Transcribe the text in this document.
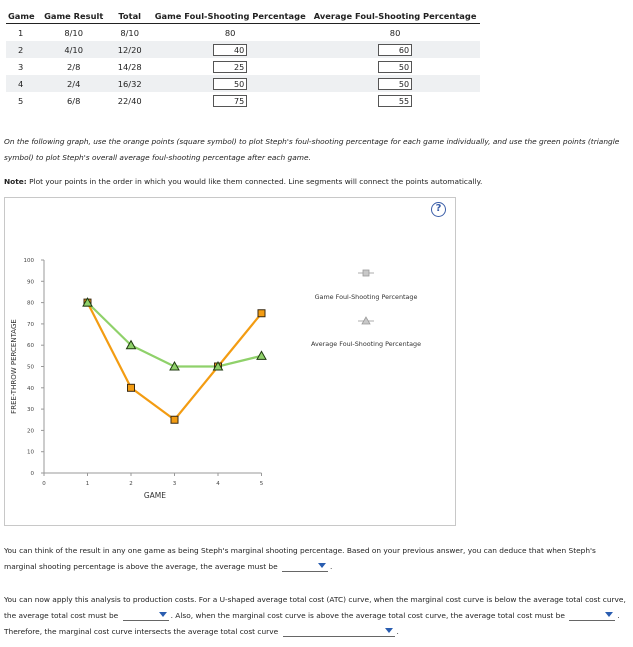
Game	Game Result	Total	Game Foul-Shooting Percentage	Average Foul-Shooting Percentage
1	8/10	8/10	80	80
2	4/10	12/20	40	60
3	2/8	14/28	25	50
4	2/4	16/32	50	50
5	6/8	22/40	75	55
On the following graph, use the orange points (square symbol) to plot Steph's foul-shooting percentage for each game individually, and use the green points (triangle symbol) to plot Steph's overall average foul-shooting percentage after each game.
Note: Plot your points in the order in which you would like them connected. Line segments will connect the points automatically.
?
0
10
20
30
40
50
60
70
80
90
100
0	1	2	3	4	5
GAME
FREE-THROW PERCENTAGE
Game Foul-Shooting Percentage
Average Foul-Shooting Percentage
You can think of the result in any one game as being Steph's marginal shooting percentage. Based on your previous answer, you can deduce that when Steph's marginal shooting percentage is above the average, the average must be	.
You can now apply this analysis to production costs. For a U-shaped average total cost (ATC) curve, when the marginal cost curve is below the average total cost curve, the average total cost must be	. Also, when the marginal cost curve is above the average total cost curve, the average total cost must be	. Therefore, the marginal cost curve intersects the average total cost curve	.
